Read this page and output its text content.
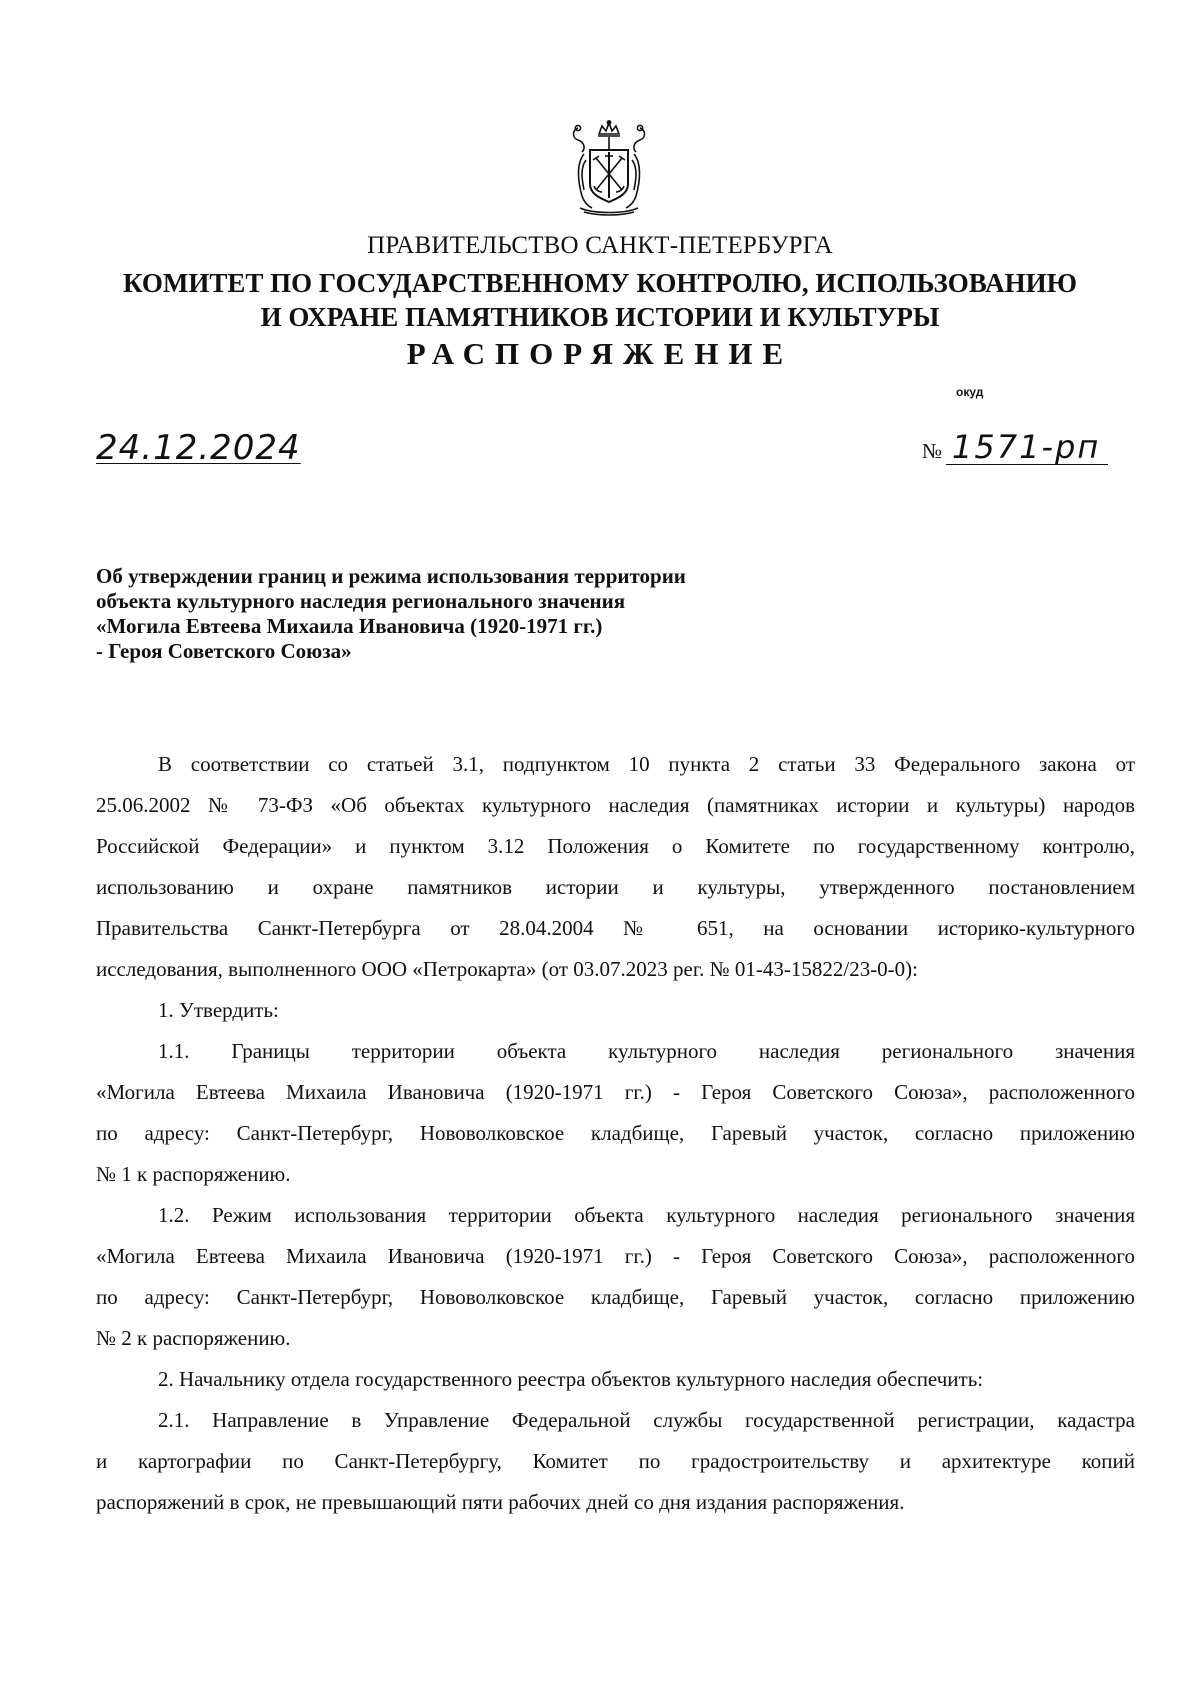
ПРАВИТЕЛЬСТВО САНКТ-ПЕТЕРБУРГА
КОМИТЕТ ПО ГОСУДАРСТВЕННОМУ КОНТРОЛЮ, ИСПОЛЬЗОВАНИЮ
И ОХРАНЕ ПАМЯТНИКОВ ИСТОРИИ И КУЛЬТУРЫ
РАСПОРЯЖЕНИЕ
окуд
24.12.2024	№ 1571-рп
Об утверждении границ и режима использования территории
объекта культурного наследия регионального значения
«Могила Евтеева Михаила Ивановича (1920-1971 гг.)
- Героя Советского Союза»
В соответствии со статьей 3.1, подпунктом 10 пункта 2 статьи 33 Федерального закона от
25.06.2002 № 73-ФЗ «Об объектах культурного наследия (памятниках истории и культуры) народов
Российской Федерации» и пунктом 3.12 Положения о Комитете по государственному контролю,
использованию и охране памятников истории и культуры, утвержденного постановлением
Правительства Санкт-Петербурга от 28.04.2004 № 651, на основании историко-культурного
исследования, выполненного ООО «Петрокарта» (от 03.07.2023 рег. № 01-43-15822/23-0-0):
1. Утвердить:
1.1. Границы территории объекта культурного наследия регионального значения
«Могила Евтеева Михаила Ивановича (1920-1971 гг.) - Героя Советского Союза», расположенного
по адресу: Санкт-Петербург, Нововолковское кладбище, Гаревый участок, согласно приложению
№ 1 к распоряжению.
1.2. Режим использования территории объекта культурного наследия регионального значения
«Могила Евтеева Михаила Ивановича (1920-1971 гг.) - Героя Советского Союза», расположенного
по адресу: Санкт-Петербург, Нововолковское кладбище, Гаревый участок, согласно приложению
№ 2 к распоряжению.
2. Начальнику отдела государственного реестра объектов культурного наследия обеспечить:
2.1. Направление в Управление Федеральной службы государственной регистрации, кадастра
и картографии по Санкт-Петербургу, Комитет по градостроительству и архитектуре копий
распоряжений в срок, не превышающий пяти рабочих дней со дня издания распоряжения.
